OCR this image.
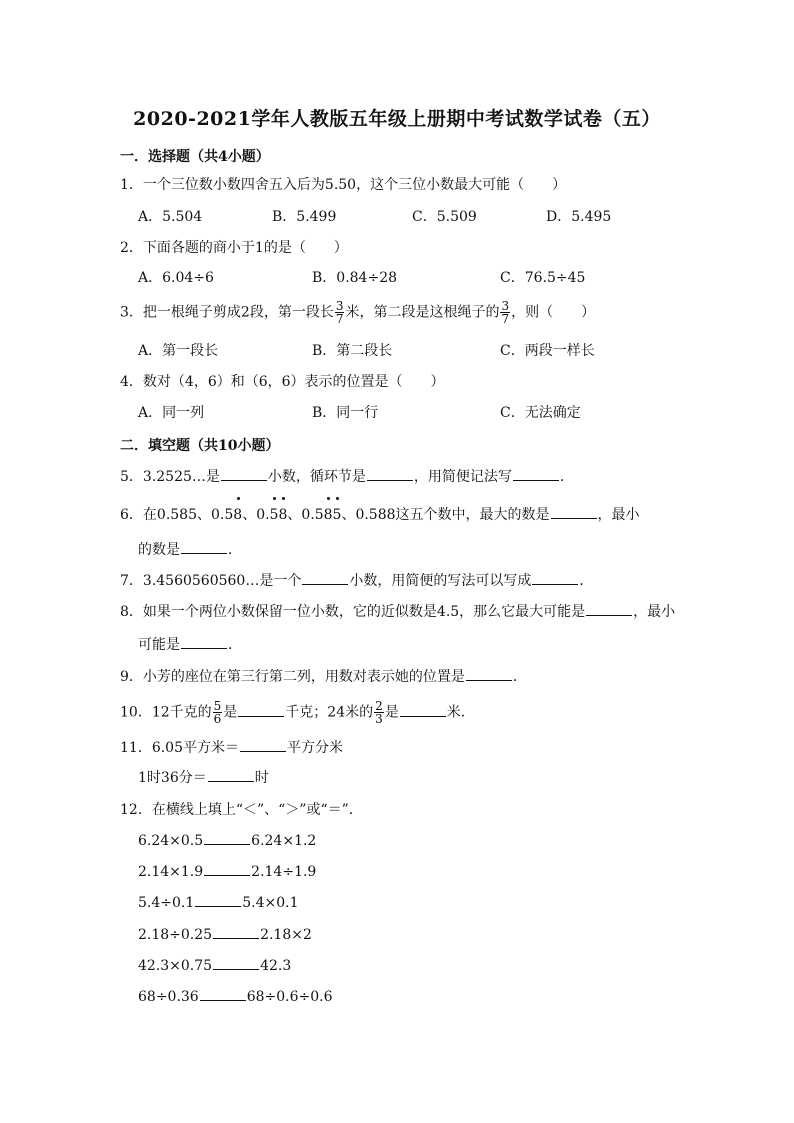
2020-2021学年人教版五年级上册期中考试数学试卷（五）
一．选择题（共4小题）
1．一个三位数小数四舍五入后为5.50，这个三位小数最大可能（　　）
A．5.504	B．5.499	C．5.509	D．5.495
2．下面各题的商小于1的是（　　）
A．6.04÷6	B．0.84÷28	C．76.5÷45
3．把一根绳子剪成2段，第一段长 $\frac{3}{7}$ 米，第二段是这根绳子的 $\frac{3}{7}$ ，则（　　）
A．第一段长	B．第二段长	C．两段一样长
4．数对（4，6）和（6，6）表示的位置是（　　）
A．同一列	B．同一行	C．无法确定
二．填空题（共10小题）
5．3.2525…是	小数，循环节是	，用简便记法写	．
6．在0.585、0.58
、0.58
、0.585
、0.588这五个数中，最大的数是	，最小
的数是	．
7．3.4560560560…是一个	小数，用简便的写法可以写成	．
8．如果一个两位小数保留一位小数，它的近似数是4.5，那么它最大可能是	，最小
可能是	．
9．小芳的座位在第三行第二列，用数对表示她的位置是	．
10．12千克的 $\frac{5}{6}$ 是	千克；24米的 $\frac{2}{3}$ 是	米．
11．6.05平方米＝	平方分米
1时36分＝	时
12．在横线上填上“＜”、“＞”或“＝”．
6.24×0.5	6.24×1.2
2.14×1.9	2.14÷1.9
5.4÷0.1	5.4×0.1
2.18÷0.25	2.18×2
42.3×0.75	42.3
68÷0.36	68÷0.6÷0.6
